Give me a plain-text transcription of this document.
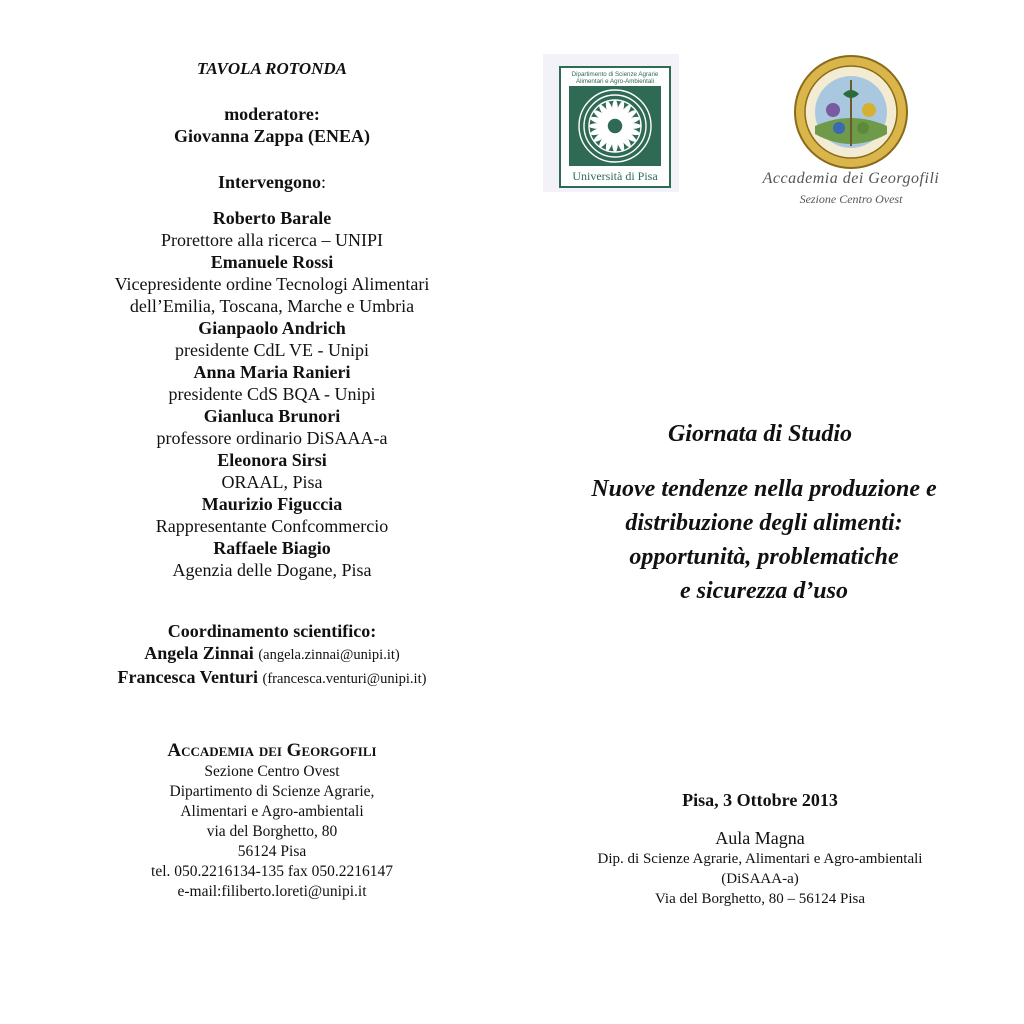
TAVOLA ROTONDA
moderatore:
Giovanna Zappa (ENEA)
Intervengono:
Roberto Barale
Prorettore alla ricerca – UNIPI
Emanuele Rossi
Vicepresidente ordine Tecnologi Alimentari
dell’Emilia, Toscana, Marche e Umbria
Gianpaolo Andrich
presidente CdL VE - Unipi
Anna Maria Ranieri
presidente CdS BQA - Unipi
Gianluca Brunori
professore ordinario DiSAAA-a
Eleonora Sirsi
ORAAL, Pisa
Maurizio Figuccia
Rappresentante Confcommercio
Raffaele Biagio
Agenzia delle Dogane, Pisa
Coordinamento scientifico:
Angela Zinnai (angela.zinnai@unipi.it)
Francesca Venturi (francesca.venturi@unipi.it)
Accademia dei Georgofili
Sezione Centro Ovest
Dipartimento di Scienze Agrarie,
Alimentari e Agro-ambientali
via del Borghetto, 80
56124 Pisa
tel. 050.2216134-135 fax 050.2216147
e-mail:filiberto.loreti@unipi.it
Dipartimento di Scienze Agrarie Alimentari e Agro-Ambientali
Università di Pisa	Accademia dei Georgofili
Sezione Centro Ovest
Giornata di Studio
Nuove tendenze nella produzione e
distribuzione degli alimenti:
opportunità, problematiche
e sicurezza d’uso
Pisa, 3 Ottobre 2013
Aula Magna
Dip. di Scienze Agrarie, Alimentari e Agro-ambientali
(DiSAAA-a)
Via del Borghetto, 80 – 56124 Pisa
